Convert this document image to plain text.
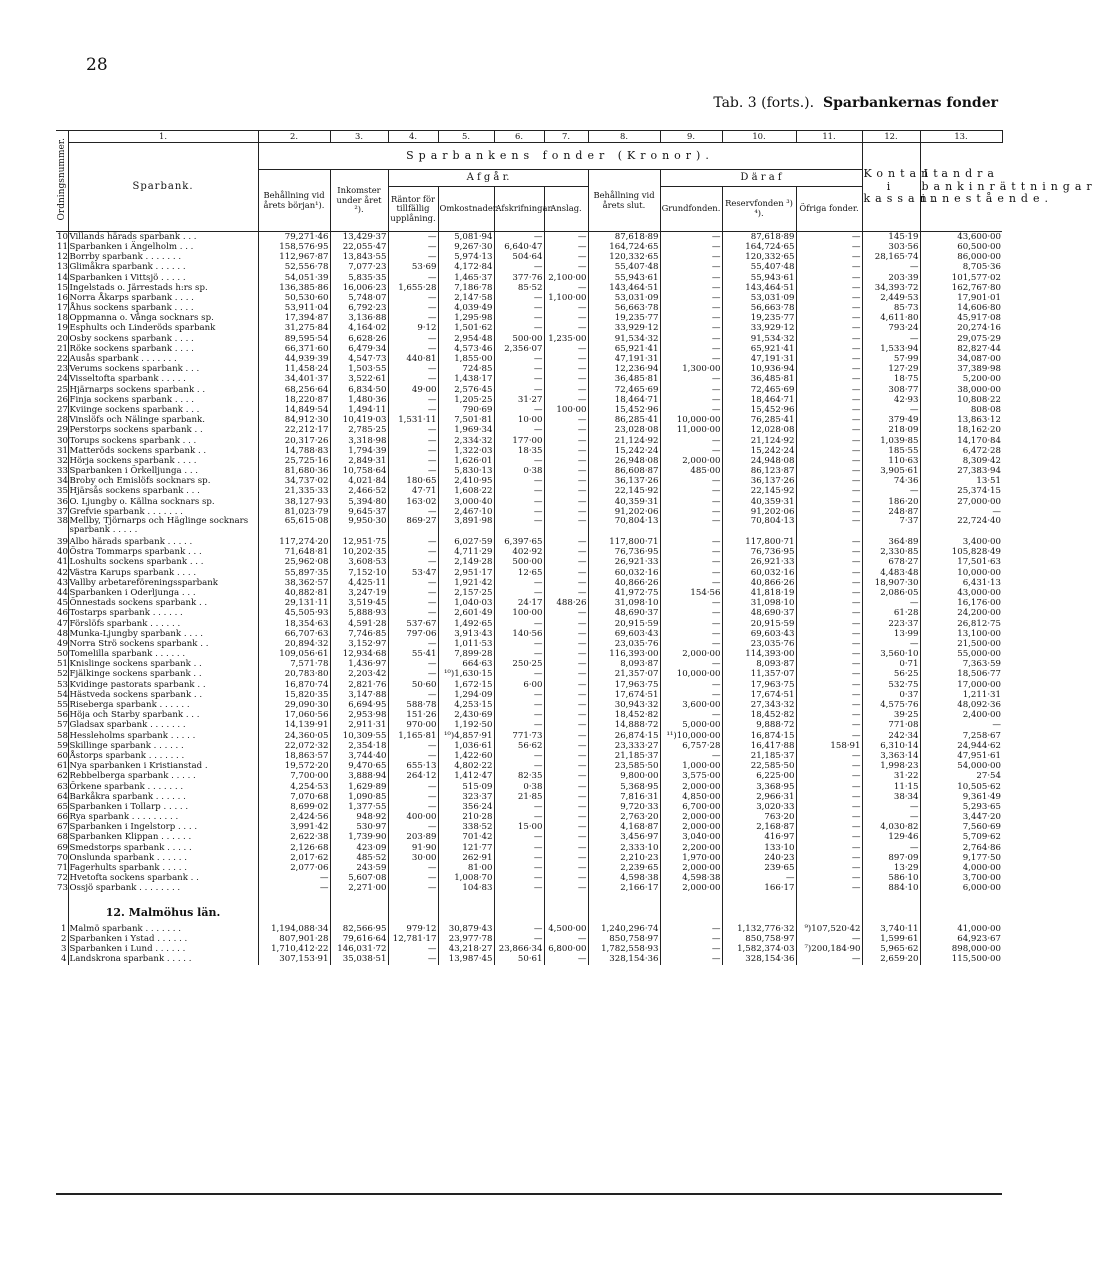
28
Tab. 3 (forts.). Sparbankernas fonder
Ordningsnummer.	1.	2.	3.	4.	5.	6.	7.	8.	9.	10.	11.	12.	13.
	Sparbank.	Sparbankens fonder (Kronor).										Kontant i kassan.	I andra bankinrättningar innestående.
		Behållning vid årets början¹).	Inkomster under året ²).	A f g å r.				Behållning vid årets slut.	D ä r a f				
				Räntor för tillfällig upplåning.	Omkostnader.	Afskrifningar.	Anslag.		Grundfonden.	Reservfonden ³) ⁴).	Öfriga fonder.		
10	Villands härads sparbank . . .	79,271·46	13,429·37	—	5,081·94	—	—	87,618·89	—	87,618·89	—	145·19	43,600·00
11	Sparbanken i Ängelholm . . .	158,576·95	22,055·47	—	9,267·30	6,640·47	—	164,724·65	—	164,724·65	—	303·56	60,500·00
12	Borrby sparbank . . . . . . .	112,967·87	13,843·55	—	5,974·13	504·64	—	120,332·65	—	120,332·65	—	28,165·74	86,000·00
13	Glimåkra sparbank . . . . . .	52,556·78	7,077·23	53·69	4,172·84	—	—	55,407·48	—	55,407·48	—	—	8,705·36
14	Sparbanken i Vittsjö . . . . .	54,051·39	5,835·35	—	1,465·37	377·76	2,100·00	55,943·61	—	55,943·61	—	203·39	101,577·02
15	Ingelstads o. Järrestads h:rs sp.	136,385·86	16,006·23	1,655·28	7,186·78	85·52	—	143,464·51	—	143,464·51	—	34,393·72	162,767·80
16	Norra Åkarps sparbank . . . .	50,530·60	5,748·07	—	2,147·58	—	1,100·00	53,031·09	—	53,031·09	—	2,449·53	17,901·01
17	Åhus sockens sparbank . . . .	53,911·04	6,792·23	—	4,039·49	—	—	56,663·78	—	56,663·78	—	85·73	14,606·80
18	Oppmanna o. Vånga socknars sp.	17,394·87	3,136·88	—	1,295·98	—	—	19,235·77	—	19,235·77	—	4,611·80	45,917·08
19	Esphults och Linderöds sparbank	31,275·84	4,164·02	9·12	1,501·62	—	—	33,929·12	—	33,929·12	—	793·24	20,274·16
20	Osby sockens sparbank . . . .	89,595·54	6,628·26	—	2,954·48	500·00	1,235·00	91,534·32	—	91,534·32	—	—	29,075·29
21	Röke sockens sparbank . . . .	66,371·60	6,479·34	—	4,573·46	2,356·07	—	65,921·41	—	65,921·41	—	1,533·94	82,827·44
22	Ausås sparbank . . . . . . .	44,939·39	4,547·73	440·81	1,855·00	—	—	47,191·31	—	47,191·31	—	57·99	34,087·00
23	Verums sockens sparbank . . .	11,458·24	1,503·55	—	724·85	—	—	12,236·94	1,300·00	10,936·94	—	127·29	37,389·98
24	Visseltofta sparbank . . . . .	34,401·37	3,522·61	—	1,438·17	—	—	36,485·81	—	36,485·81	—	18·75	5,200·00
25	Hjärnarps sockens sparbank . .	68,256·64	6,834·50	49·00	2,576·45	—	—	72,465·69	—	72,465·69	—	308·77	38,000·00
26	Finja sockens sparbank . . . .	18,220·87	1,480·36	—	1,205·25	31·27	—	18,464·71	—	18,464·71	—	42·93	10,808·22
27	Kviinge sockens sparbank . . .	14,849·54	1,494·11	—	790·69	—	100·00	15,452·96	—	15,452·96	—	—	808·08
28	Vinslöfs och Nälinge sparbank.	84,912·30	10,419·03	1,531·11	7,501·81	10·00	—	86,285·41	10,000·00	76,285·41	—	379·49	13,863·12
29	Perstorps sockens sparbank . .	22,212·17	2,785·25	—	1,969·34	—	—	23,028·08	11,000·00	12,028·08	—	218·09	18,162·20
30	Torups sockens sparbank . . .	20,317·26	3,318·98	—	2,334·32	177·00	—	21,124·92	—	21,124·92	—	1,039·85	14,170·84
31	Matteröds sockens sparbank . .	14,788·83	1,794·39	—	1,322·03	18·35	—	15,242·24	—	15,242·24	—	185·55	6,472·28
32	Hörja sockens sparbank . . . .	25,725·16	2,849·31	—	1,626·01	—	—	26,948·08	2,000·00	24,948·08	—	110·63	8,309·42
33	Sparbanken i Örkelljunga . . .	81,680·36	10,758·64	—	5,830·13	0·38	—	86,608·87	485·00	86,123·87	—	3,905·61	27,383·94
34	Broby och Emislöfs socknars sp.	34,737·02	4,021·84	180·65	2,410·95	—	—	36,137·26	—	36,137·26	—	74·36	13·51
35	Hjärsås sockens sparbank . . .	21,335·33	2,466·52	47·71	1,608·22	—	—	22,145·92	—	22,145·92	—	—	25,374·15
36	O. Ljungby o. Källna socknars sp.	38,127·93	5,394·80	163·02	3,000·40	—	—	40,359·31	—	40,359·31	—	186·20	27,000·00
37	Grefvie sparbank . . . . . . .	81,023·79	9,645·37	—	2,467·10	—	—	91,202·06	—	91,202·06	—	248·87	—
38	Mellby, Tjörnarps och Häglinge socknars sparbank . . . . .	65,615·08	9,950·30	869·27	3,891·98	—	—	70,804·13	—	70,804·13	—	7·37	22,724·40
39	Albo härads sparbank . . . . .	117,274·20	12,951·75	—	6,027·59	6,397·65	—	117,800·71	—	117,800·71	—	364·89	3,400·00
40	Östra Tommarps sparbank . . .	71,648·81	10,202·35	—	4,711·29	402·92	—	76,736·95	—	76,736·95	—	2,330·85	105,828·49
41	Loshults sockens sparbank . . .	25,962·08	3,608·53	—	2,149·28	500·00	—	26,921·33	—	26,921·33	—	678·27	17,501·63
42	Västra Karups sparbank . . . .	55,897·35	7,152·10	53·47	2,951·17	12·65	—	60,032·16	—	60,032·16	—	4,483·48	10,000·00
43	Vallby arbetareföreningssparbank	38,362·57	4,425·11	—	1,921·42	—	—	40,866·26	—	40,866·26	—	18,907·30	6,431·13
44	Sparbanken i Oderljunga . . .	40,882·81	3,247·19	—	2,157·25	—	—	41,972·75	154·56	41,818·19	—	2,086·05	43,000·00
45	Önnestads sockens sparbank . .	29,131·11	3,519·45	—	1,040·03	24·17	488·26	31,098·10	—	31,098·10	—	—	16,176·00
46	Tostarps sparbank . . . . . .	45,505·93	5,888·93	—	2,601·49	100·00	—	48,690·37	—	48,690·37	—	61·28	24,200·00
47	Förslöfs sparbank . . . . . .	18,354·63	4,591·28	537·67	1,492·65	—	—	20,915·59	—	20,915·59	—	223·37	26,812·75
48	Munka-Ljungby sparbank . . . .	66,707·63	7,746·85	797·06	3,913·43	140·56	—	69,603·43	—	69,603·43	—	13·99	13,100·00
49	Norra Strö sockens sparbank . .	20,894·32	3,152·97	—	1,011·53	—	—	23,035·76	—	23,035·76	—	—	21,500·00
50	Tomelilla sparbank . . . . . .	109,056·61	12,934·68	55·41	7,899·28	—	—	116,393·00	2,000·00	114,393·00	—	3,560·10	55,000·00
51	Knislinge sockens sparbank . .	7,571·78	1,436·97	—	664·63	250·25	—	8,093·87	—	8,093·87	—	0·71	7,363·59
52	Fjälkinge sockens sparbank . .	20,783·80	2,203·42	—	¹⁰)1,630·15	—	—	21,357·07	10,000·00	11,357·07	—	56·25	18,506·77
53	Kvidinge pastorats sparbank . .	16,870·74	2,821·76	50·60	1,672·15	6·00	—	17,963·75	—	17,963·75	—	532·75	17,000·00
54	Hästveda sockens sparbank . .	15,820·35	3,147·88	—	1,294·09	—	—	17,674·51	—	17,674·51	—	0·37	1,211·31
55	Riseberga sparbank . . . . . .	29,090·30	6,694·95	588·78	4,253·15	—	—	30,943·32	3,600·00	27,343·32	—	4,575·76	48,092·36
56	Höja och Starby sparbank . . .	17,060·56	2,953·98	151·26	2,430·69	—	—	18,452·82	—	18,452·82	—	39·25	2,400·00
57	Gladsax sparbank . . . . . . .	14,139·91	2,911·31	970·00	1,192·50	—	—	14,888·72	5,000·00	9,888·72	—	771·08	—
58	Hessleholms sparbank . . . . .	24,360·05	10,309·55	1,165·81	¹⁰)4,857·91	771·73	—	26,874·15	¹¹)10,000·00	16,874·15	—	242·34	7,258·67
59	Skillinge sparbank . . . . . .	22,072·32	2,354·18	—	1,036·61	56·62	—	23,333·27	6,757·28	16,417·88	158·91	6,310·14	24,944·62
60	Åstorps sparbank . . . . . . .	18,863·57	3,744·40	—	1,422·60	—	—	21,185·37	—	21,185·37	—	3,363·14	47,951·61
61	Nya sparbanken i Kristianstad .	19,572·20	9,470·65	655·13	4,802·22	—	—	23,585·50	1,000·00	22,585·50	—	1,998·23	54,000·00
62	Rebbelberga sparbank . . . . .	7,700·00	3,888·94	264·12	1,412·47	82·35	—	9,800·00	3,575·00	6,225·00	—	31·22	27·54
63	Örkene sparbank . . . . . . .	4,254·53	1,629·89	—	515·09	0·38	—	5,368·95	2,000·00	3,368·95	—	11·15	10,505·62
64	Barkåkra sparbank . . . . . .	7,070·68	1,090·85	—	323·37	21·85	—	7,816·31	4,850·00	2,966·31	—	38·34	9,361·49
65	Sparbanken i Tollarp . . . . .	8,699·02	1,377·55	—	356·24	—	—	9,720·33	6,700·00	3,020·33	—	—	5,293·65
66	Rya sparbank . . . . . . . . .	2,424·56	948·92	400·00	210·28	—	—	2,763·20	2,000·00	763·20	—	—	3,447·20
67	Sparbanken i Ingelstorp . . . .	3,991·42	530·97	—	338·52	15·00	—	4,168·87	2,000·00	2,168·87	—	4,030·82	7,560·69
68	Sparbanken Klippan . . . . . .	2,622·38	1,739·90	203·89	701·42	—	—	3,456·97	3,040·00	416·97	—	129·46	5,709·62
69	Smedstorps sparbank . . . . .	2,126·68	423·09	91·90	121·77	—	—	2,333·10	2,200·00	133·10	—	—	2,764·86
70	Onslunda sparbank . . . . . .	2,017·62	485·52	30·00	262·91	—	—	2,210·23	1,970·00	240·23	—	897·09	9,177·50
71	Fagerhults sparbank . . . . .	2,077·06	243·59	—	81·00	—	—	2,239·65	2,000·00	239·65	—	13·29	4,000·00
72	Hvetofta sockens sparbank . .	—	5,607·08	—	1,008·70	—	—	4,598·38	4,598·38	—	—	586·10	3,700·00
73	Ossjö sparbank . . . . . . . .	—	2,271·00	—	104·83	—	—	2,166·17	2,000·00	166·17	—	884·10	6,000·00

	12. Malmöhus län.												
1	Malmö sparbank . . . . . . .	1,194,088·34	82,566·95	979·12	30,879·43	—	4,500·00	1,240,296·74	—	1,132,776·32	⁹)107,520·42	3,740·11	41,000·00
2	Sparbanken i Ystad . . . . . .	807,901·28	79,616·64	12,781·17	23,977·78	—	—	850,758·97	—	850,758·97	—	1,599·61	64,923·67
3	Sparbanken i Lund . . . . . .	1,710,412·22	146,031·72	—	43,218·27	23,866·34	6,800·00	1,782,558·93	—	1,582,374·03	⁷)200,184·90	5,965·62	898,000·00
4	Landskrona sparbank . . . . .	307,153·91	35,038·51	—	13,987·45	50·61	—	328,154·36	—	328,154·36	—	2,659·20	115,500·00
